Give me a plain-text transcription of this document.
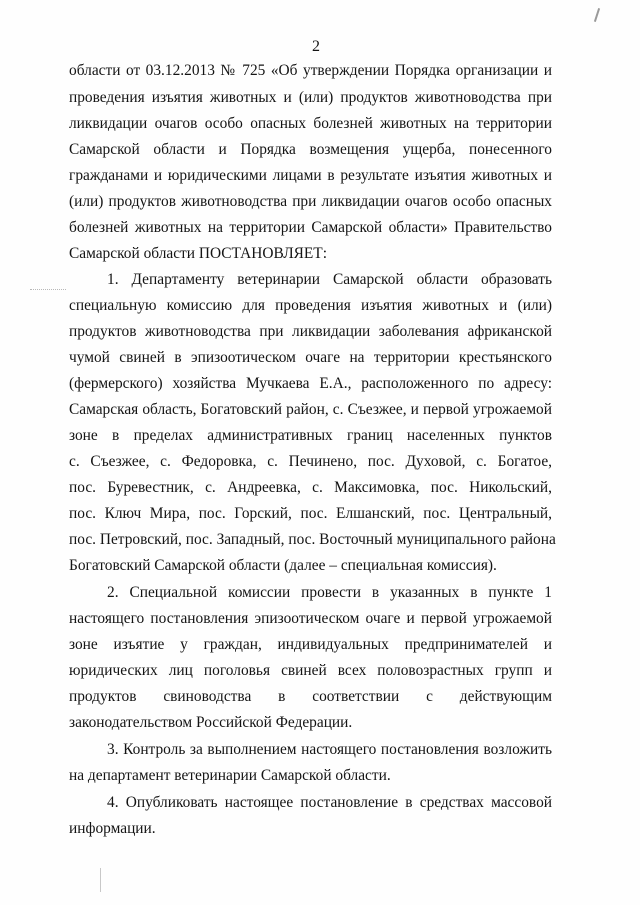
2
области от 03.12.2013 № 725 «Об утверждении Порядка организации и
проведения изъятия животных и (или) продуктов животноводства при
ликвидации очагов особо опасных болезней животных на территории
Самарской области и Порядка возмещения ущерба, понесенного
гражданами и юридическими лицами в результате изъятия животных и
(или) продуктов животноводства при ликвидации очагов особо опасных
болезней животных на территории Самарской области» Правительство
Самарской области ПОСТАНОВЛЯЕТ:
1. Департаменту ветеринарии Самарской области образовать
специальную комиссию для проведения изъятия животных и (или)
продуктов животноводства при ликвидации заболевания африканской
чумой свиней в эпизоотическом очаге на территории крестьянского
(фермерского) хозяйства Мучкаева Е.А., расположенного по адресу:
Самарская область, Богатовский район, с. Съезжее, и первой угрожаемой
зоне в пределах административных границ населенных пунктов
с. Съезжее, с. Федоровка, с. Печинено, пос. Духовой, с. Богатое,
пос. Буревестник, с. Андреевка, с. Максимовка, пос. Никольский,
пос. Ключ Мира, пос. Горский, пос. Елшанский, пос. Центральный,
пос. Петровский, пос. Западный, пос. Восточный муниципального района
Богатовский Самарской области (далее – специальная комиссия).
2. Специальной комиссии провести в указанных в пункте 1
настоящего постановления эпизоотическом очаге и первой угрожаемой
зоне изъятие у граждан, индивидуальных предпринимателей и
юридических лиц поголовья свиней всех половозрастных групп и
продуктов свиноводства в соответствии с действующим
законодательством Российской Федерации.
3. Контроль за выполнением настоящего постановления возложить
на департамент ветеринарии Самарской области.
4. Опубликовать настоящее постановление в средствах массовой
информации.
